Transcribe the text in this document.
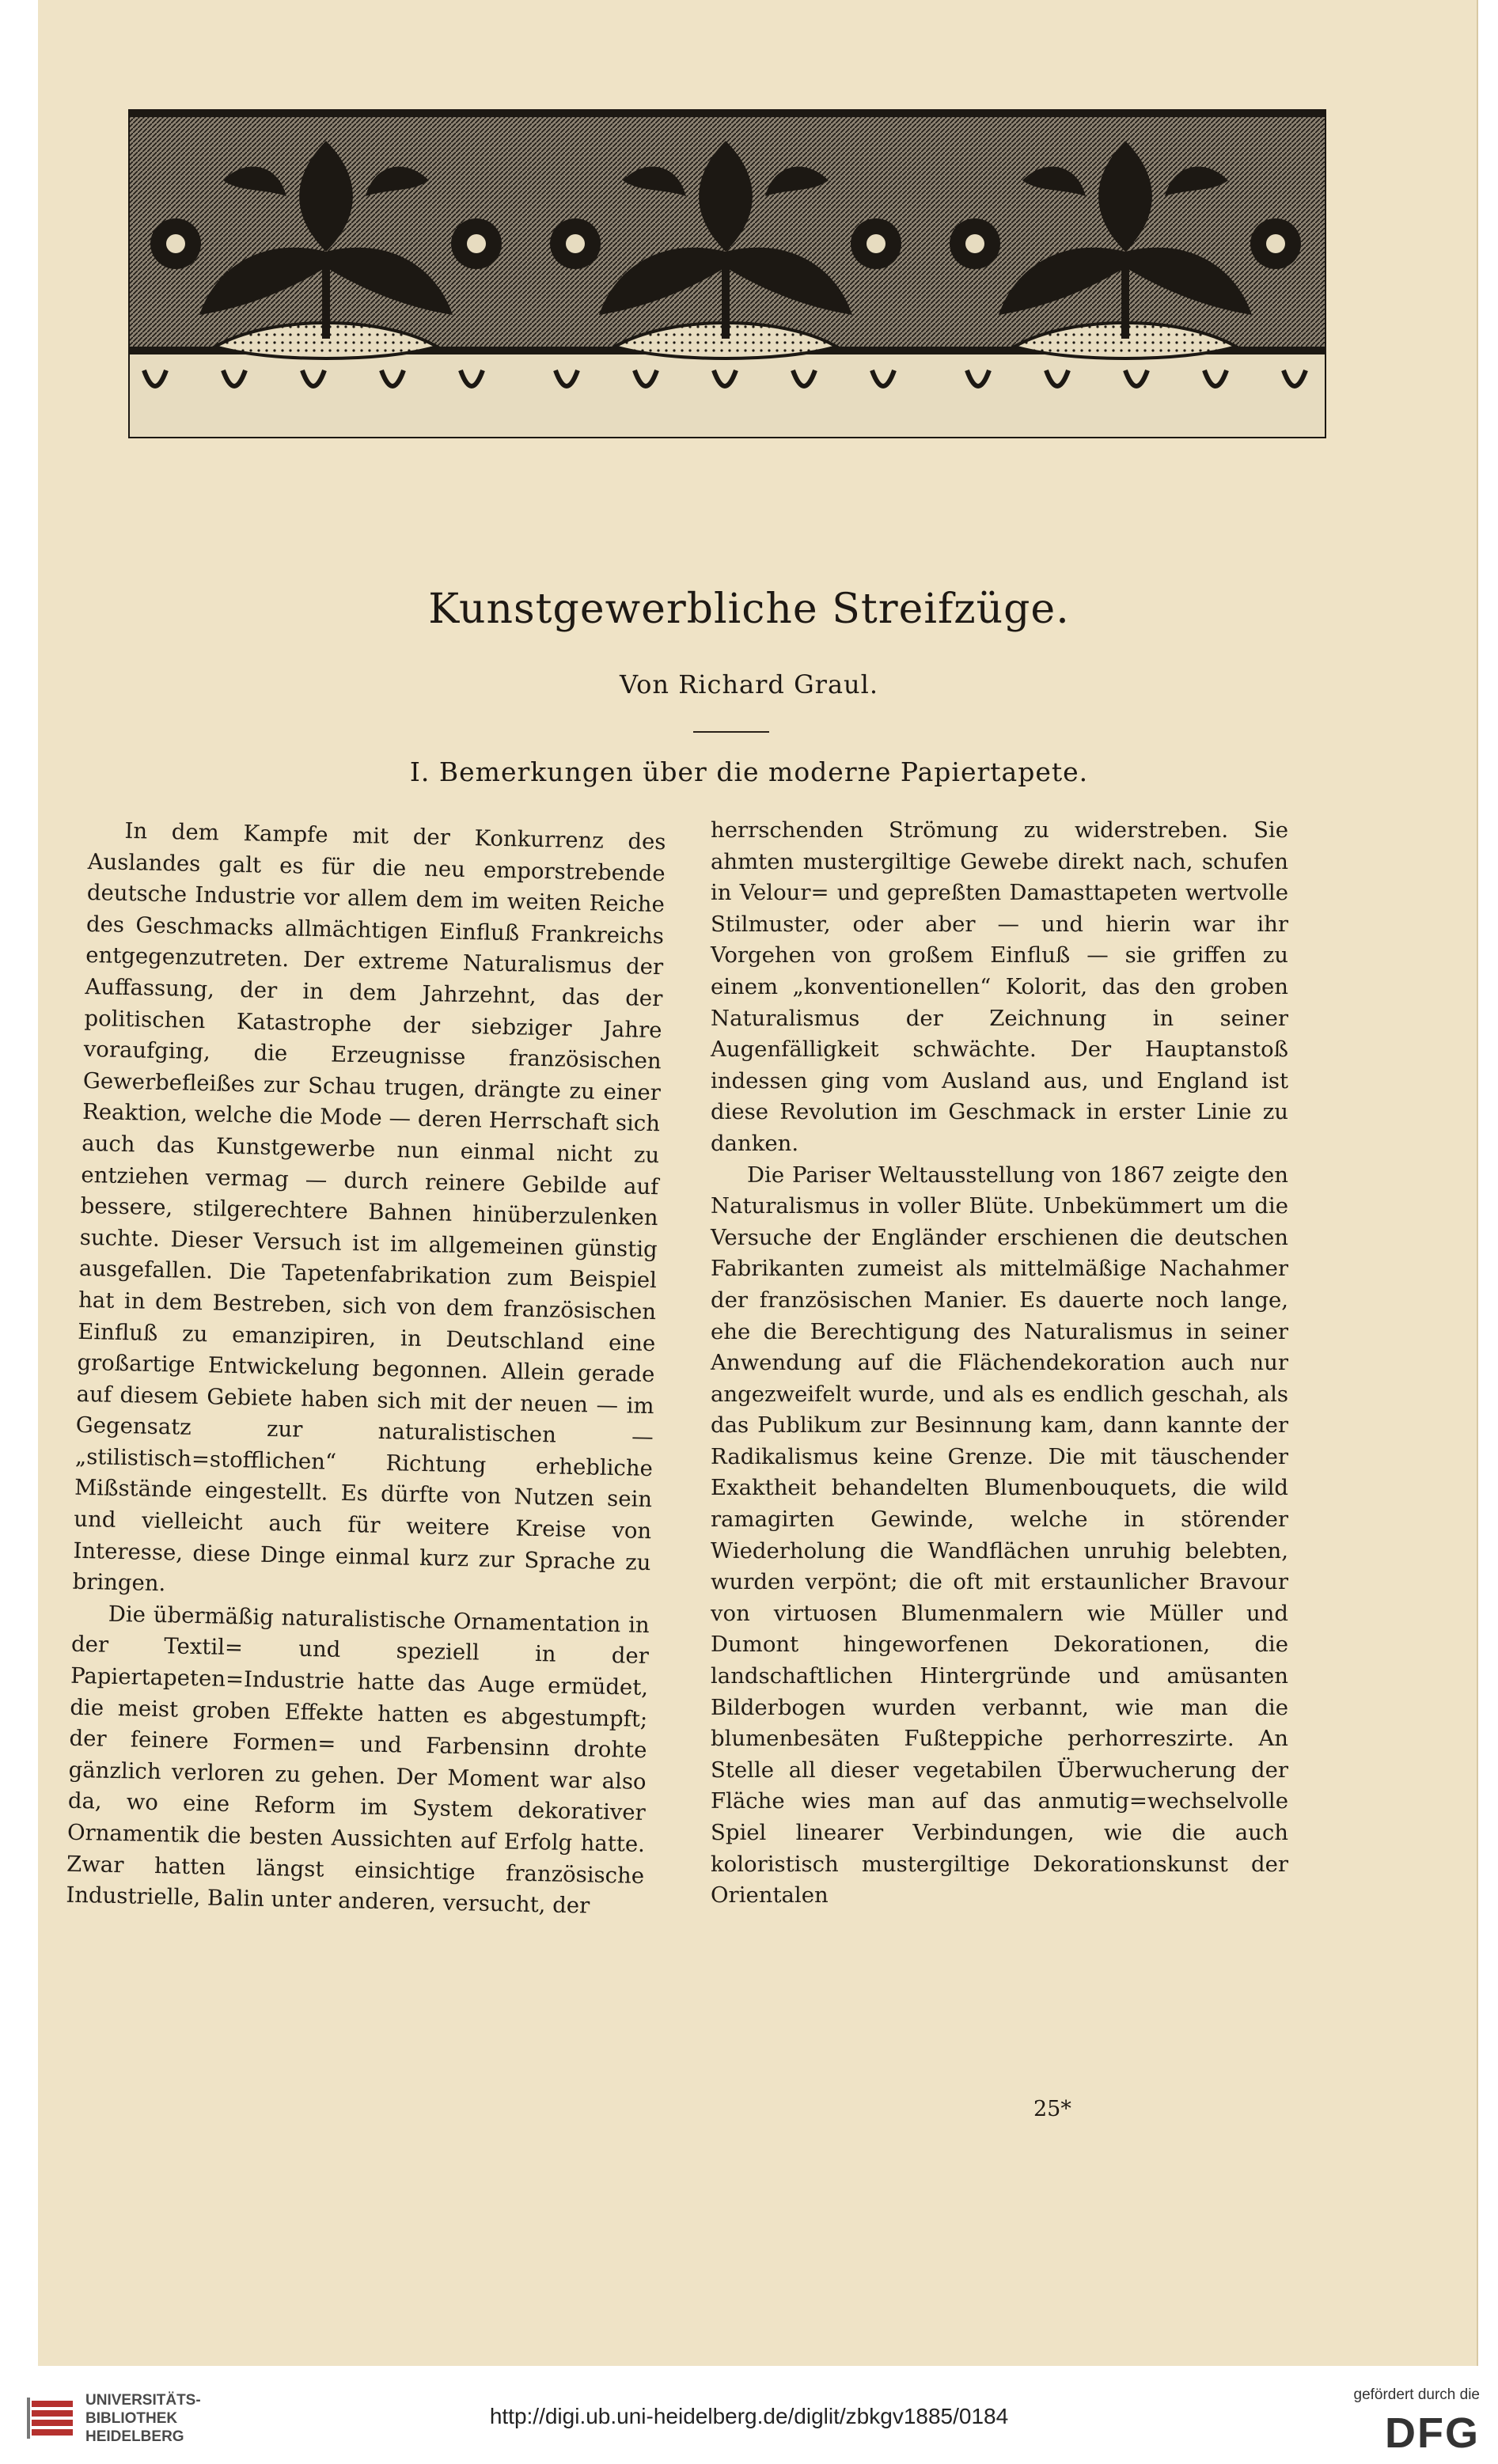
Kunstgewerbliche Streifzüge.
Von Richard Graul.
I. Bemerkungen über die moderne Papiertapete.

In dem Kampfe mit der Konkurrenz des Auslandes galt es für die neu emporstrebende deutsche Industrie vor allem dem im weiten Reiche des Geschmacks allmächtigen Einfluß Frankreichs entgegenzutreten. Der extreme Naturalismus der Auffassung, der in dem Jahrzehnt, das der politischen Katastrophe der siebziger Jahre voraufging, die Erzeugnisse französischen Gewerbefleißes zur Schau trugen, drängte zu einer Reaktion, welche die Mode — deren Herrschaft sich auch das Kunstgewerbe nun einmal nicht zu entziehen vermag — durch reinere Gebilde auf bessere, stilgerechtere Bahnen hinüberzulenken suchte. Dieser Versuch ist im allgemeinen günstig ausgefallen. Die Tapetenfabrikation zum Beispiel hat in dem Bestreben, sich von dem französischen Einfluß zu emanzipiren, in Deutschland eine großartige Entwickelung begonnen. Allein gerade auf diesem Gebiete haben sich mit der neuen — im Gegensatz zur naturalistischen — „stilistisch=stofflichen“ Richtung erhebliche Mißstände eingestellt. Es dürfte von Nutzen sein und vielleicht auch für weitere Kreise von Interesse, diese Dinge einmal kurz zur Sprache zu bringen.

Die übermäßig naturalistische Ornamentation in der Textil= und speziell in der Papiertapeten=Industrie hatte das Auge ermüdet, die meist groben Effekte hatten es abgestumpft; der feinere Formen= und Farbensinn drohte gänzlich verloren zu gehen. Der Moment war also da, wo eine Reform im System dekorativer Ornamentik die besten Aussichten auf Erfolg hatte. Zwar hatten längst einsichtige französische Industrielle, Balin unter anderen, versucht, der

herrschenden Strömung zu widerstreben. Sie ahmten mustergiltige Gewebe direkt nach, schufen in Velour= und gepreßten Damasttapeten wertvolle Stilmuster, oder aber — und hierin war ihr Vorgehen von großem Einfluß — sie griffen zu einem „konventionellen“ Kolorit, das den groben Naturalismus der Zeichnung in seiner Augenfälligkeit schwächte. Der Hauptanstoß indessen ging vom Ausland aus, und England ist diese Revolution im Geschmack in erster Linie zu danken.

Die Pariser Weltausstellung von 1867 zeigte den Naturalismus in voller Blüte. Unbekümmert um die Versuche der Engländer erschienen die deutschen Fabrikanten zumeist als mittelmäßige Nachahmer der französischen Manier. Es dauerte noch lange, ehe die Berechtigung des Naturalismus in seiner Anwendung auf die Flächendekoration auch nur angezweifelt wurde, und als es endlich geschah, als das Publikum zur Besinnung kam, dann kannte der Radikalismus keine Grenze. Die mit täuschender Exaktheit behandelten Blumenbouquets, die wild ramagirten Gewinde, welche in störender Wiederholung die Wandflächen unruhig belebten, wurden verpönt; die oft mit erstaunlicher Bravour von virtuosen Blumenmalern wie Müller und Dumont hingeworfenen Dekorationen, die landschaftlichen Hintergründe und amüsanten Bilderbogen wurden verbannt, wie man die blumenbesäten Fußteppiche perhorreszirte. An Stelle all dieser vegetabilen Überwucherung der Fläche wies man auf das anmutig=wechselvolle Spiel linearer Verbindungen, wie die auch koloristisch mustergiltige Dekorationskunst der Orientalen

25*
UNIVERSITÄTS-
BIBLIOTHEK
HEIDELBERG
http://digi.ub.uni-heidelberg.de/diglit/zbkgv1885/0184
gefördert durch die
DFG
